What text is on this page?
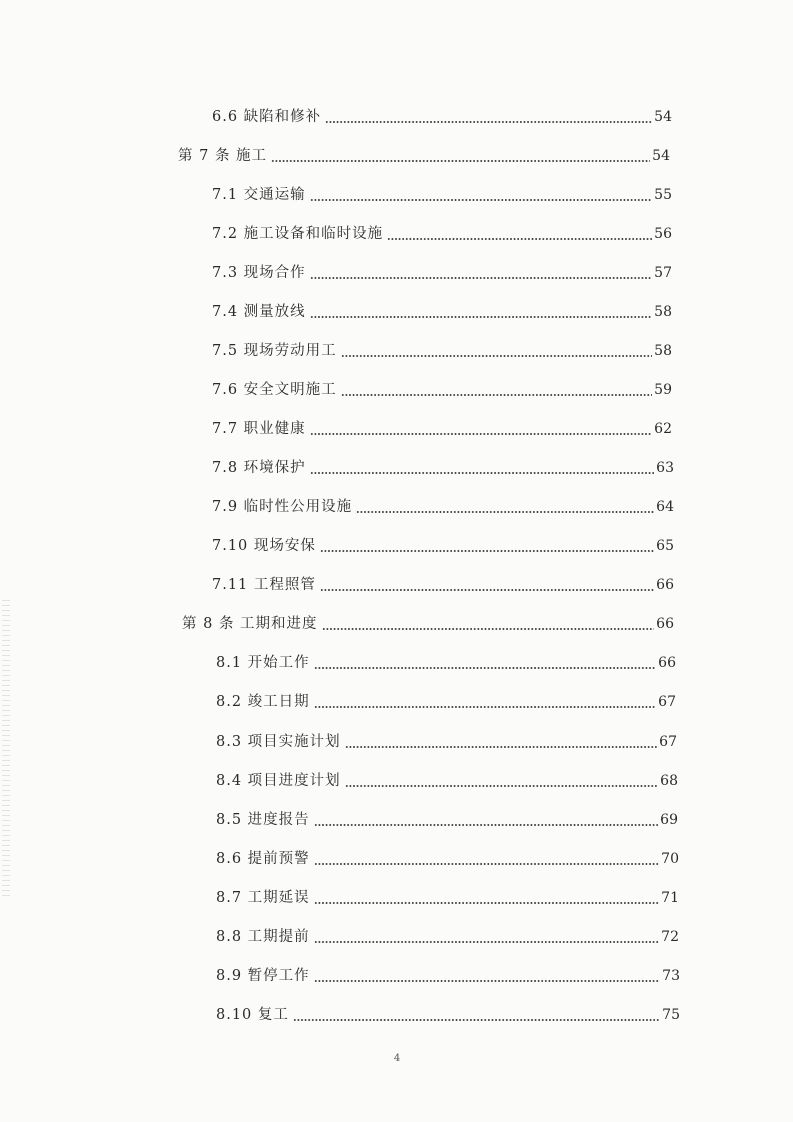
6.6 缺陷和修补	54
第 7 条 施工	54
7.1 交通运输	55
7.2 施工设备和临时设施	56
7.3 现场合作	57
7.4 测量放线	58
7.5 现场劳动用工	58
7.6 安全文明施工	59
7.7 职业健康	62
7.8 环境保护	63
7.9 临时性公用设施	64
7.10 现场安保	65
7.11 工程照管	66
第 8 条 工期和进度	66
8.1 开始工作	66
8.2 竣工日期	67
8.3 项目实施计划	67
8.4 项目进度计划	68
8.5 进度报告	69
8.6 提前预警	70
8.7 工期延误	71
8.8 工期提前	72
8.9 暂停工作	73
8.10 复工	75
4
